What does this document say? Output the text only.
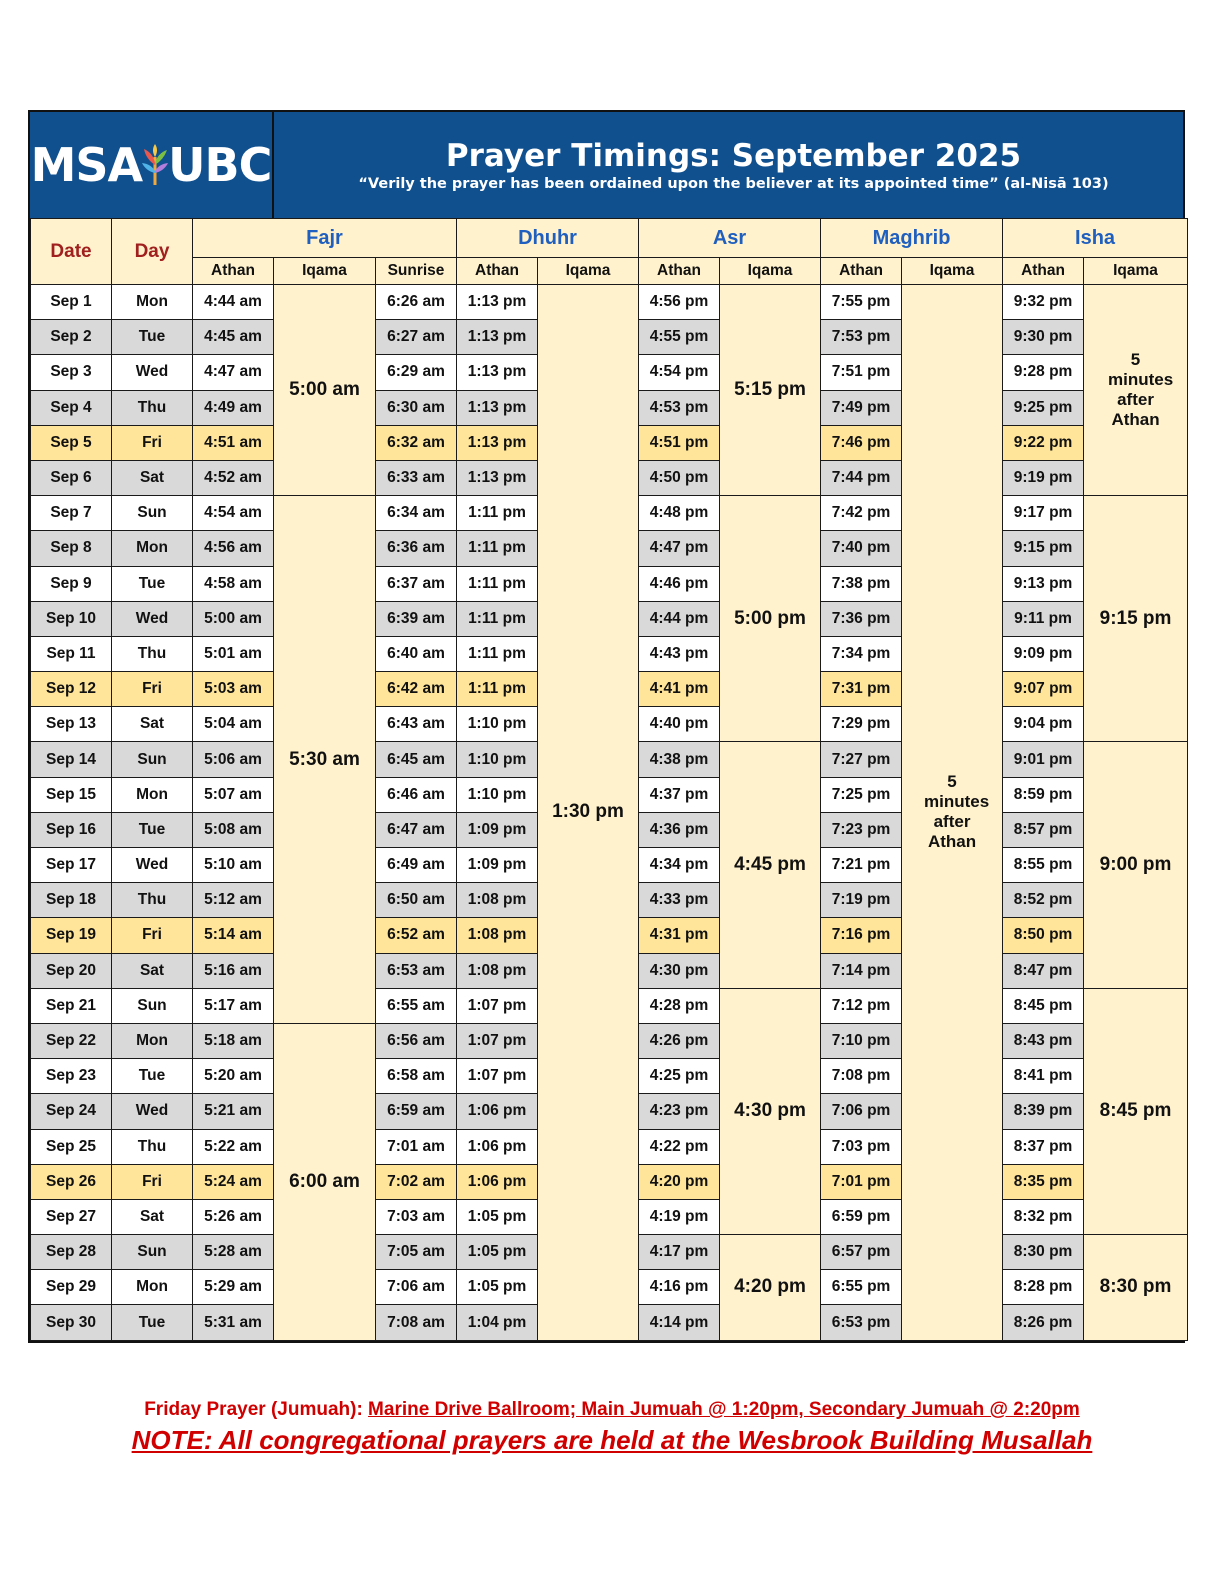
MSA UBC	Prayer Timings: September 2025
“Verily the prayer has been ordained upon the believer at its appointed time” (al-Nisā 103)
Date	Day	Fajr			Dhuhr		Asr		Maghrib		Isha	
		Athan	Iqama	Sunrise	Athan	Iqama	Athan	Iqama	Athan	Iqama	Athan	Iqama
Sep 1	Mon	4:44 am	5:00 am	6:26 am	1:13 pm	1:30 pm	4:56 pm	5:15 pm	7:55 pm	5 minutes after Athan	9:32 pm	5 minutes after Athan
Sep 2	Tue	4:45 am		6:27 am	1:13 pm		4:55 pm		7:53 pm		9:30 pm	
Sep 3	Wed	4:47 am		6:29 am	1:13 pm		4:54 pm		7:51 pm		9:28 pm	
Sep 4	Thu	4:49 am		6:30 am	1:13 pm		4:53 pm		7:49 pm		9:25 pm	
Sep 5	Fri	4:51 am		6:32 am	1:13 pm		4:51 pm		7:46 pm		9:22 pm	
Sep 6	Sat	4:52 am		6:33 am	1:13 pm		4:50 pm		7:44 pm		9:19 pm	
Sep 7	Sun	4:54 am	5:30 am	6:34 am	1:11 pm		4:48 pm	5:00 pm	7:42 pm		9:17 pm	9:15 pm
Sep 8	Mon	4:56 am		6:36 am	1:11 pm		4:47 pm		7:40 pm		9:15 pm	
Sep 9	Tue	4:58 am		6:37 am	1:11 pm		4:46 pm		7:38 pm		9:13 pm	
Sep 10	Wed	5:00 am		6:39 am	1:11 pm		4:44 pm		7:36 pm		9:11 pm	
Sep 11	Thu	5:01 am		6:40 am	1:11 pm		4:43 pm		7:34 pm		9:09 pm	
Sep 12	Fri	5:03 am		6:42 am	1:11 pm		4:41 pm		7:31 pm		9:07 pm	
Sep 13	Sat	5:04 am		6:43 am	1:10 pm		4:40 pm		7:29 pm		9:04 pm	
Sep 14	Sun	5:06 am		6:45 am	1:10 pm		4:38 pm	4:45 pm	7:27 pm		9:01 pm	9:00 pm
Sep 15	Mon	5:07 am		6:46 am	1:10 pm		4:37 pm		7:25 pm		8:59 pm	
Sep 16	Tue	5:08 am		6:47 am	1:09 pm		4:36 pm		7:23 pm		8:57 pm	
Sep 17	Wed	5:10 am		6:49 am	1:09 pm		4:34 pm		7:21 pm		8:55 pm	
Sep 18	Thu	5:12 am		6:50 am	1:08 pm		4:33 pm		7:19 pm		8:52 pm	
Sep 19	Fri	5:14 am		6:52 am	1:08 pm		4:31 pm		7:16 pm		8:50 pm	
Sep 20	Sat	5:16 am		6:53 am	1:08 pm		4:30 pm		7:14 pm		8:47 pm	
Sep 21	Sun	5:17 am		6:55 am	1:07 pm		4:28 pm	4:30 pm	7:12 pm		8:45 pm	8:45 pm
Sep 22	Mon	5:18 am	6:00 am	6:56 am	1:07 pm		4:26 pm		7:10 pm		8:43 pm	
Sep 23	Tue	5:20 am		6:58 am	1:07 pm		4:25 pm		7:08 pm		8:41 pm	
Sep 24	Wed	5:21 am		6:59 am	1:06 pm		4:23 pm		7:06 pm		8:39 pm	
Sep 25	Thu	5:22 am		7:01 am	1:06 pm		4:22 pm		7:03 pm		8:37 pm	
Sep 26	Fri	5:24 am		7:02 am	1:06 pm		4:20 pm		7:01 pm		8:35 pm	
Sep 27	Sat	5:26 am		7:03 am	1:05 pm		4:19 pm		6:59 pm		8:32 pm	
Sep 28	Sun	5:28 am		7:05 am	1:05 pm		4:17 pm	4:20 pm	6:57 pm		8:30 pm	8:30 pm
Sep 29	Mon	5:29 am		7:06 am	1:05 pm		4:16 pm		6:55 pm		8:28 pm	
Sep 30	Tue	5:31 am		7:08 am	1:04 pm		4:14 pm		6:53 pm		8:26 pm	
Friday Prayer (Jumuah): Marine Drive Ballroom; Main Jumuah @ 1:20pm, Secondary Jumuah @ 2:20pm
NOTE: All congregational prayers are held at the Wesbrook Building Musallah
